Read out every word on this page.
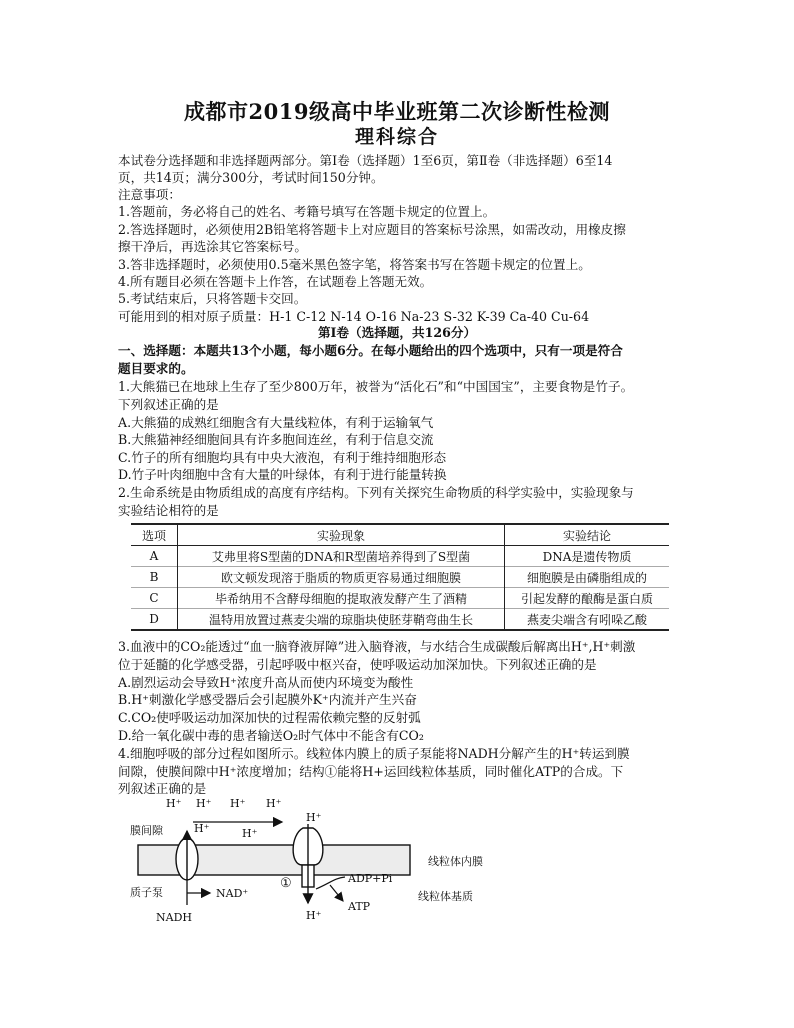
成都市2019级高中毕业班第二次诊断性检测
理科综合
本试卷分选择题和非选择题两部分。第Ⅰ卷（选择题）1至6页，第Ⅱ卷（非选择题）6至14
页，共14页；满分300分，考试时间150分钟。
注意事项：
1.答题前，务必将自己的姓名、考籍号填写在答题卡规定的位置上。
2.答选择题时，必须使用2B铅笔将答题卡上对应题目的答案标号涂黑，如需改动，用橡皮擦
擦干净后，再选涂其它答案标号。
3.答非选择题时，必须使用0.5毫米黑色签字笔，将答案书写在答题卡规定的位置上。
4.所有题目必须在答题卡上作答，在试题卷上答题无效。
5.考试结束后，只将答题卡交回。
可能用到的相对原子质量：H-1 C-12 N-14 O-16 Na-23 S-32 K-39 Ca-40 Cu-64
第Ⅰ卷（选择题，共126分）
一、选择题：本题共13个小题，每小题6分。在每小题给出的四个选项中，只有一项是符合
题目要求的。
1.大熊猫已在地球上生存了至少800万年，被誉为“活化石”和“中国国宝”，主要食物是竹子。
下列叙述正确的是
A.大熊猫的成熟红细胞含有大量线粒体，有利于运输氧气
B.大熊猫神经细胞间具有许多胞间连丝，有利于信息交流
C.竹子的所有细胞均具有中央大液泡，有利于维持细胞形态
D.竹子叶肉细胞中含有大量的叶绿体，有利于进行能量转换
2.生命系统是由物质组成的高度有序结构。下列有关探究生命物质的科学实验中，实验现象与
实验结论相符的是
选项	实验现象	实验结论
A	艾弗里将S型菌的DNA和R型菌培养得到了S型菌	DNA是遗传物质
B	欧文顿发现溶于脂质的物质更容易通过细胞膜	细胞膜是由磷脂组成的
C	毕希纳用不含酵母细胞的提取液发酵产生了酒精	引起发酵的酿酶是蛋白质
D	温特用放置过燕麦尖端的琼脂块使胚芽鞘弯曲生长	燕麦尖端含有吲哚乙酸
3.血液中的CO₂能透过“血一脑脊液屏障”进入脑脊液，与水结合生成碳酸后解离出H⁺,H⁺刺激
位于延髓的化学感受器，引起呼吸中枢兴奋，使呼吸运动加深加快。下列叙述正确的是
A.剧烈运动会导致H⁺浓度升高从而使内环境变为酸性
B.H⁺刺激化学感受器后会引起膜外K⁺内流并产生兴奋
C.CO₂使呼吸运动加深加快的过程需依赖完整的反射弧
D.给一氧化碳中毒的患者输送O₂时气体中不能含有CO₂
4.细胞呼吸的部分过程如图所示。线粒体内膜上的质子泵能将NADH分解产生的H⁺转运到膜
间隙，使膜间隙中H⁺浓度增加；结构①能将H+运回线粒体基质，同时催化ATP的合成。下
列叙述正确的是
H⁺ H⁺ H⁺ H⁺
H⁺	H⁺
H⁺
H⁺
膜间隙
质子泵
NADH
NAD⁺
①	ADP+Pi
ATP
线粒体内膜
线粒体基质
